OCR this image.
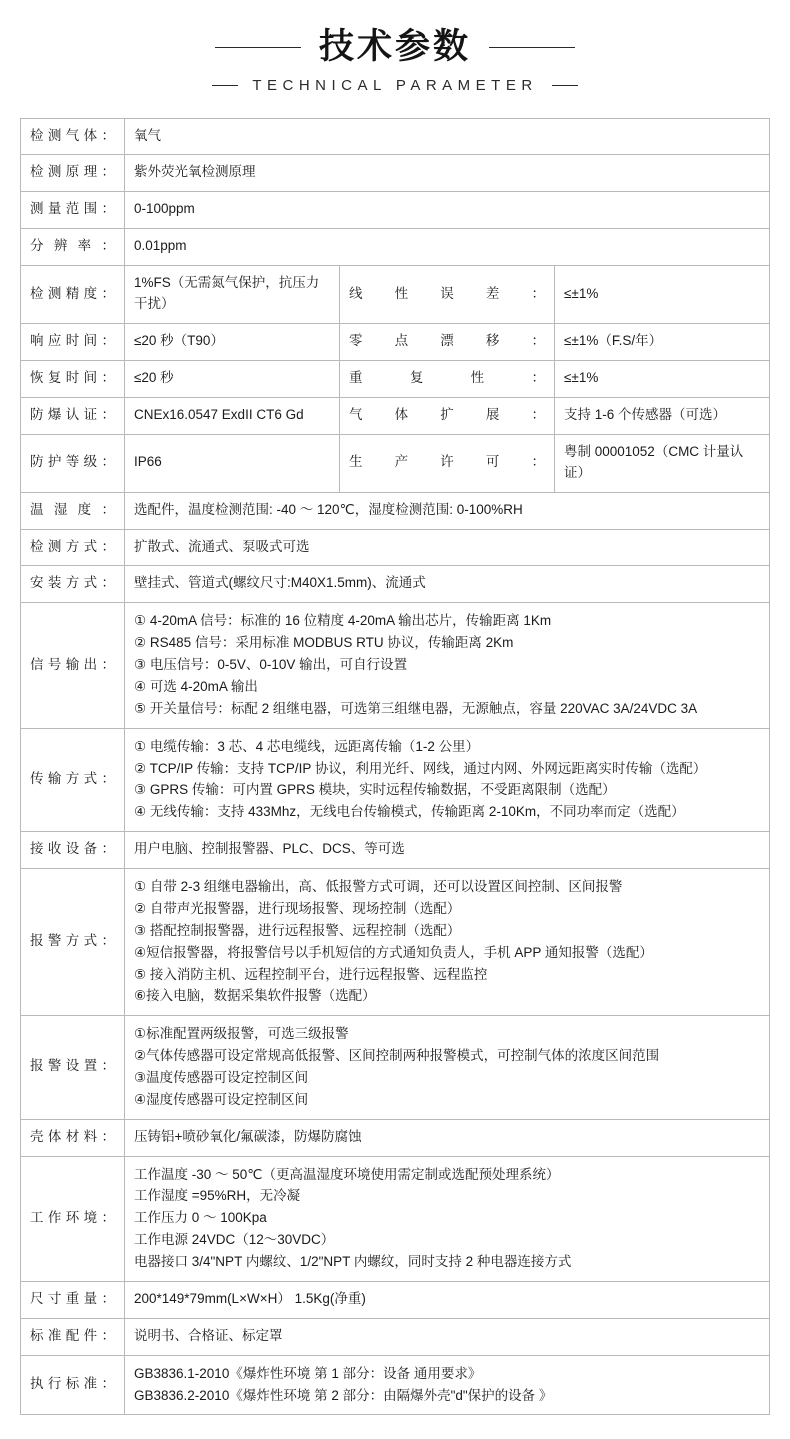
技术参数
TECHNICAL PARAMETER
检测气体：	氧气		
检测原理：	紫外荧光氧检测原理		
测量范围：	0-100ppm		
分辨率：	0.01ppm		
检测精度：	1%FS（无需氮气保护，抗压力干扰）	线性误差：	≤±1%
响应时间：	≤20 秒（T90）	零点漂移：	≤±1%（F.S/年）
恢复时间：	≤20 秒	重复性：	≤±1%
防爆认证：	CNEx16.0547 ExdII CT6 Gd	气体扩展：	支持 1-6 个传感器（可选）
防护等级：	IP66	生产许可：	粤制 00001052（CMC 计量认证）
温湿度：	选配件，温度检测范围: -40 ～ 120℃，湿度检测范围: 0-100%RH		
检测方式：	扩散式、流通式、泵吸式可选		
安装方式：	壁挂式、管道式(螺纹尺寸:M40X1.5mm)、流通式		
信号输出：	① 4-20mA 信号：标准的 16 位精度 4-20mA 输出芯片，传输距离 1Km
② RS485 信号：采用标准 MODBUS RTU 协议，传输距离 2Km
③ 电压信号：0-5V、0-10V 输出，可自行设置
④ 可选 4-20mA 输出
⑤ 开关量信号：标配 2 组继电器，可选第三组继电器，无源触点，容量 220VAC 3A/24VDC 3A		

传输方式：	① 电缆传输：3 芯、4 芯电缆线，远距离传输（1-2 公里）
② TCP/IP 传输：支持 TCP/IP 协议，利用光纤、网线，通过内网、外网远距离实时传输（选配）
③ GPRS 传输：可内置 GPRS 模块，实时远程传输数据，不受距离限制（选配）
④ 无线传输：支持 433Mhz，无线电台传输模式，传输距离 2-10Km，不同功率而定（选配）		

接收设备：	用户电脑、控制报警器、PLC、DCS、等可选		
报警方式：	
① 自带 2-3 组继电器输出，高、低报警方式可调，还可以设置区间控制、区间报警
② 自带声光报警器，进行现场报警、现场控制（选配）
③ 搭配控制报警器，进行远程报警、远程控制（选配）
④短信报警器，将报警信号以手机短信的方式通知负责人，手机 APP 通知报警（选配）
⑤ 接入消防主机、远程控制平台，进行远程报警、远程监控
⑥接入电脑，数据采集软件报警（选配）

报警设置：	①标准配置两级报警，可选三级报警
②气体传感器可设定常规高低报警、区间控制两种报警模式，可控制气体的浓度区间范围
③温度传感器可设定控制区间
④湿度传感器可设定控制区间		

壳体材料：	压铸铝+喷砂氧化/氟碳漆，防爆防腐蚀		
工作环境：	工作温度 -30 ～ 50℃（更高温湿度环境使用需定制或选配预处理系统）
工作湿度 =95%RH，无冷凝
工作压力 0 ～ 100Kpa
工作电源 24VDC（12～30VDC）
电器接口 3/4"NPT 内螺纹、1/2"NPT 内螺纹，同时支持 2 种电器连接方式		

尺寸重量：	200*149*79mm(L×W×H） 1.5Kg(净重)		
标准配件：	说明书、合格证、标定罩		
执行标准：	GB3836.1-2010《爆炸性环境 第 1 部分：设备 通用要求》
GB3836.2-2010《爆炸性环境 第 2 部分：由隔爆外壳"d"保护的设备 》		
